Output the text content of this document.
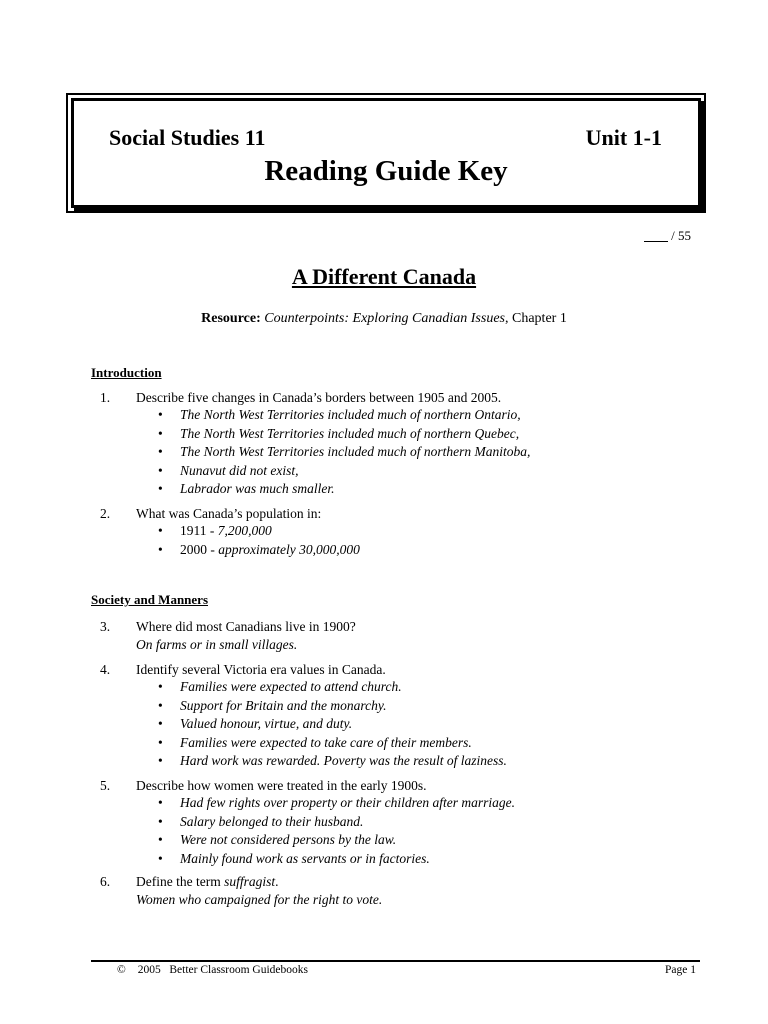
Social Studies 11	Unit 1-1
Reading Guide Key
/ 55
A Different Canada
Resource: Counterpoints: Exploring Canadian Issues, Chapter 1
Introduction
1. Describe five changes in Canada’s borders between 1905 and 2005.
• The North West Territories included much of northern Ontario,
• The North West Territories included much of northern Quebec,
• The North West Territories included much of northern Manitoba,
• Nunavut did not exist,
• Labrador was much smaller.
2. What was Canada’s population in:
• 1911 - 7,200,000
• 2000 - approximately 30,000,000
Society and Manners
3. Where did most Canadians live in 1900?
On farms or in small villages.
4. Identify several Victoria era values in Canada.
• Families were expected to attend church.
• Support for Britain and the monarchy.
• Valued honour, virtue, and duty.
• Families were expected to take care of their members.
• Hard work was rewarded. Poverty was the result of laziness.
5. Describe how women were treated in the early 1900s.
• Had few rights over property or their children after marriage.
• Salary belonged to their husband.
• Were not considered persons by the law.
• Mainly found work as servants or in factories.
6. Define the term suffragist.
Women who campaigned for the right to vote.
© 2005   Better Classroom Guidebooks	Page 1
